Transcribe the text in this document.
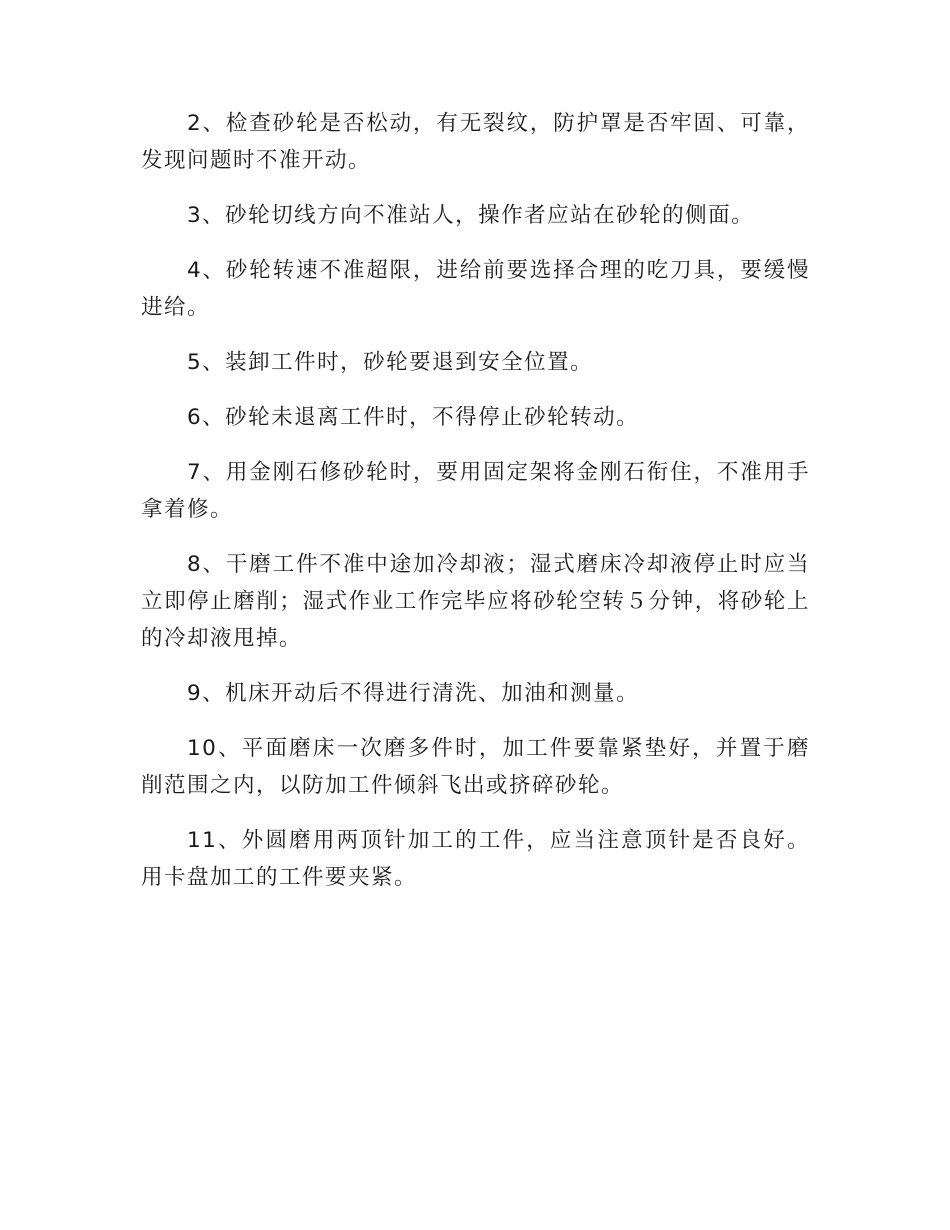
2、检查砂轮是否松动，有无裂纹，防护罩是否牢固、可靠，发现问题时不准开动。

3、砂轮切线方向不准站人，操作者应站在砂轮的侧面。

4、砂轮转速不准超限，进给前要选择合理的吃刀具，要缓慢进给。

5、装卸工件时，砂轮要退到安全位置。

6、砂轮未退离工件时，不得停止砂轮转动。

7、用金刚石修砂轮时，要用固定架将金刚石衔住，不准用手拿着修。

8、干磨工件不准中途加冷却液；湿式磨床冷却液停止时应当立即停止磨削；湿式作业工作完毕应将砂轮空转５分钟，将砂轮上的冷却液甩掉。

9、机床开动后不得进行清洗、加油和测量。

10、平面磨床一次磨多件时，加工件要靠紧垫好，并置于磨削范围之内，以防加工件倾斜飞出或挤碎砂轮。

11、外圆磨用两顶针加工的工件，应当注意顶针是否良好。用卡盘加工的工件要夹紧。
